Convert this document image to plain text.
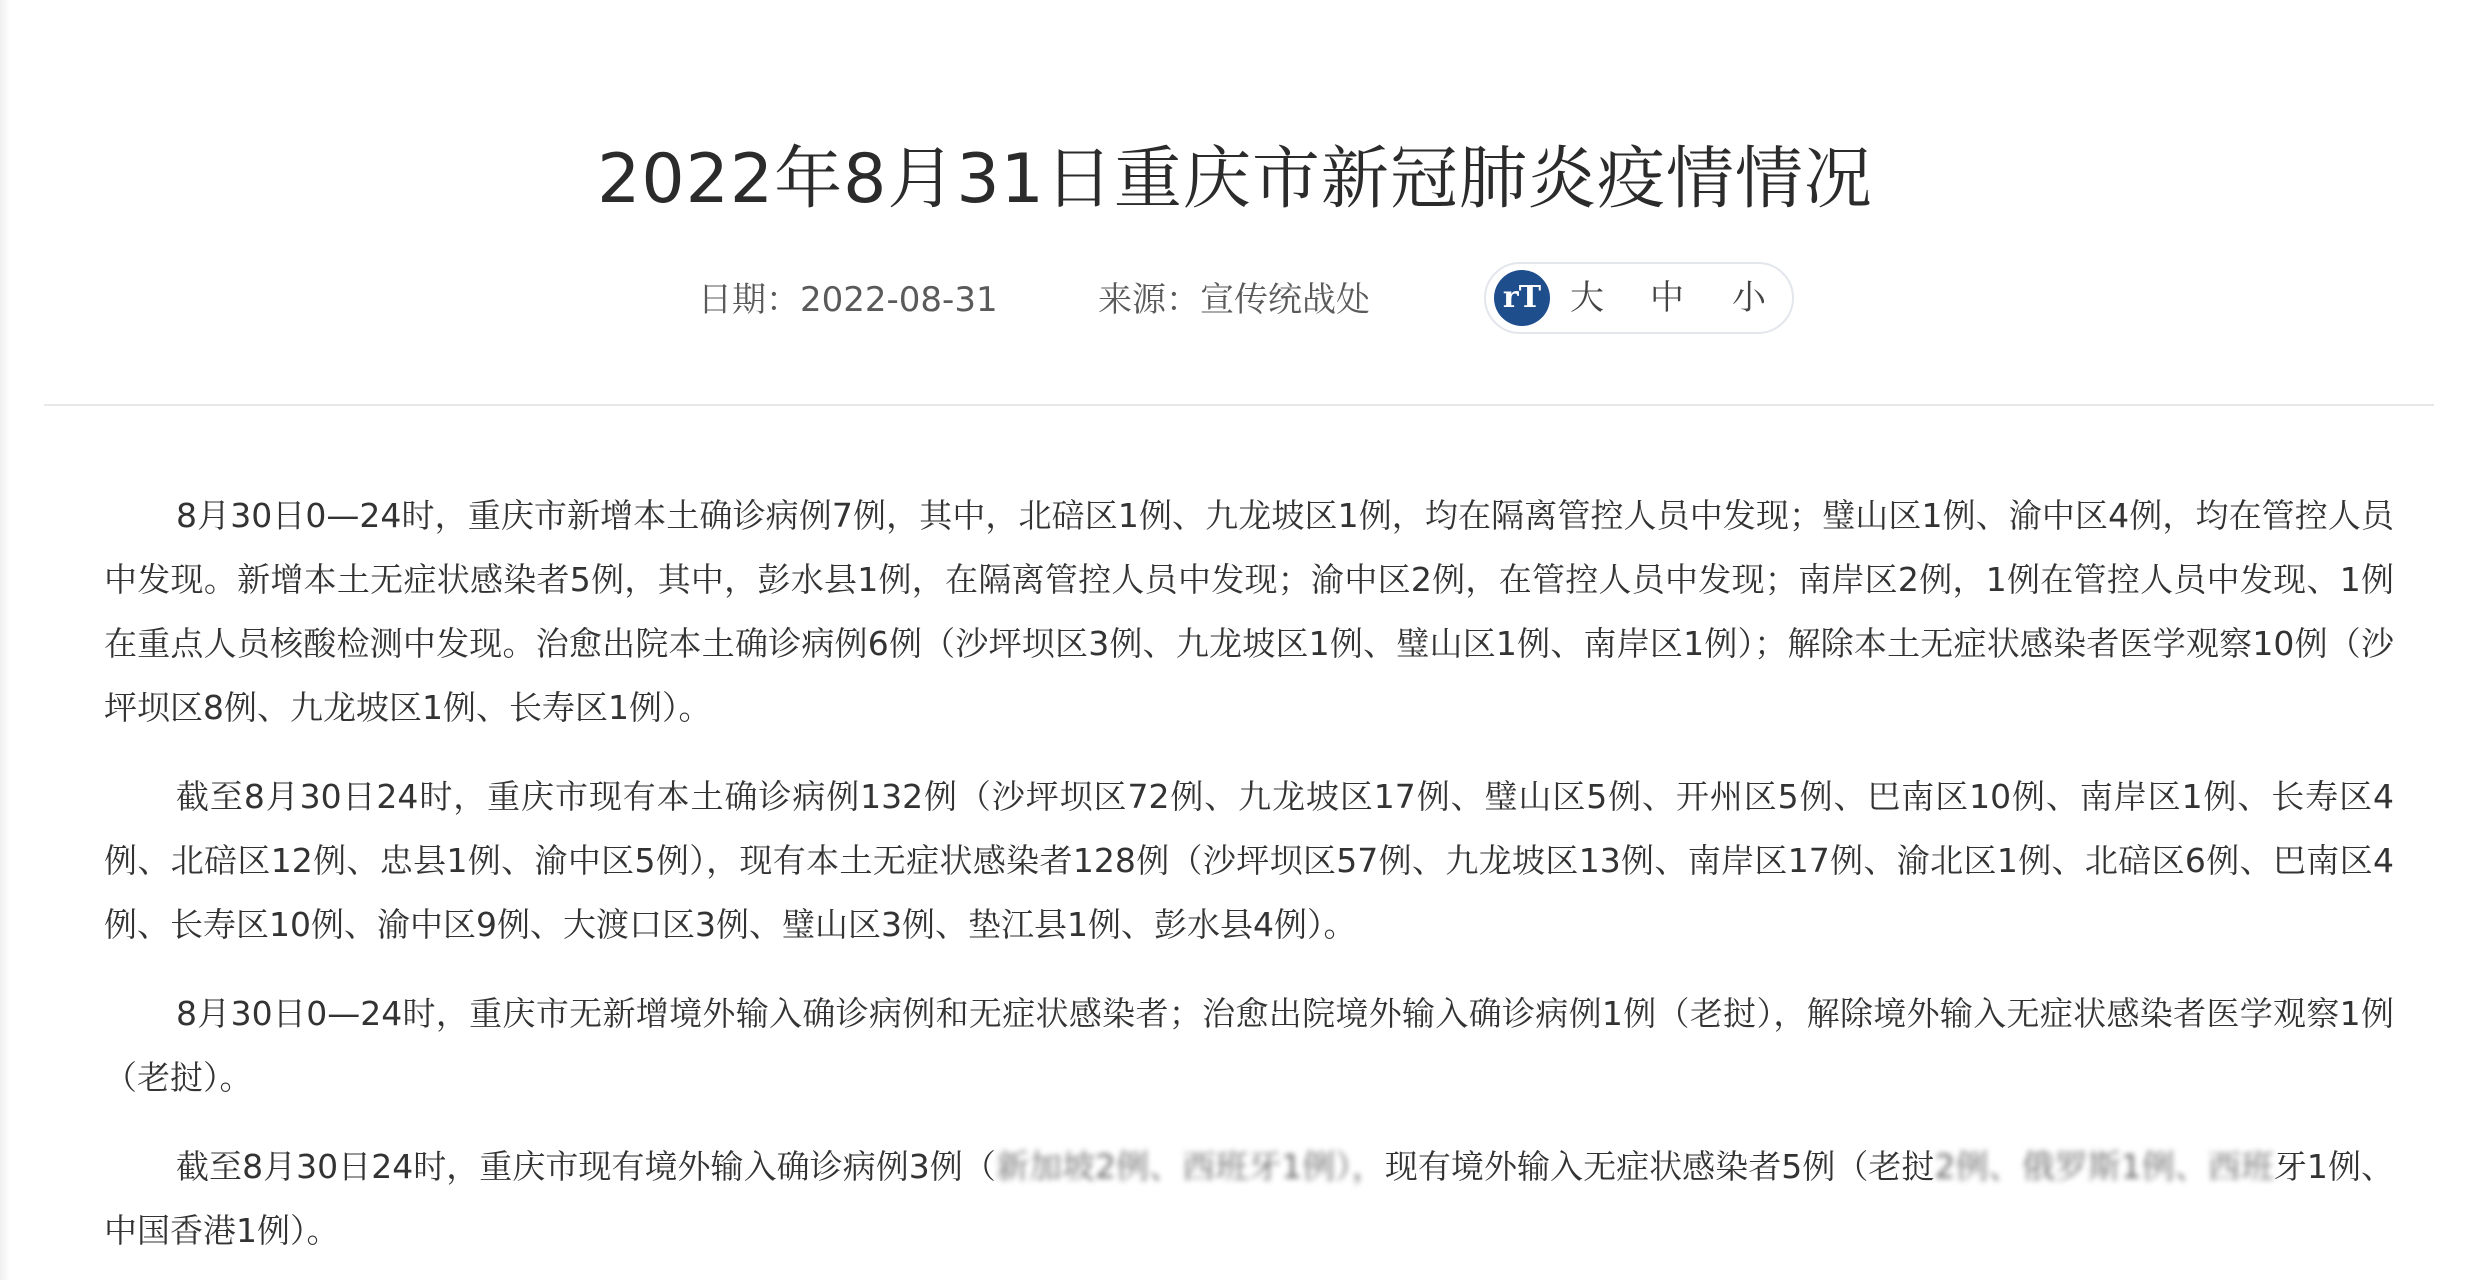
2022年8月31日重庆市新冠肺炎疫情情况
日期：2022-08-31	来源：宣传统战处	rT 大 中 小

8月30日0—24时，重庆市新增本土确诊病例7例，其中，北碚区1例、九龙坡区1例，均在隔离管控人员中发现；璧山区1例、渝中区4例，均在管控人员中发现。新增本土无症状感染者5例，其中，彭水县1例，在隔离管控人员中发现；渝中区2例，在管控人员中发现；南岸区2例，1例在管控人员中发现、1例在重点人员核酸检测中发现。治愈出院本土确诊病例6例（沙坪坝区3例、九龙坡区1例、璧山区1例、南岸区1例）；解除本土无症状感染者医学观察10例（沙坪坝区8例、九龙坡区1例、长寿区1例）。

截至8月30日24时，重庆市现有本土确诊病例132例（沙坪坝区72例、九龙坡区17例、璧山区5例、开州区5例、巴南区10例、南岸区1例、长寿区4例、北碚区12例、忠县1例、渝中区5例），现有本土无症状感染者128例（沙坪坝区57例、九龙坡区13例、南岸区17例、渝北区1例、北碚区6例、巴南区4例、长寿区10例、渝中区9例、大渡口区3例、璧山区3例、垫江县1例、彭水县4例）。

8月30日0—24时，重庆市无新增境外输入确诊病例和无症状感染者；治愈出院境外输入确诊病例1例（老挝），解除境外输入无症状感染者医学观察1例（老挝）。

截至8月30日24时，重庆市现有境外输入确诊病例3例（新加坡2例、西班牙1例），现有境外输入无症状感染者5例（老挝2例、俄罗斯1例、西班牙1例、中国香港1例）。
